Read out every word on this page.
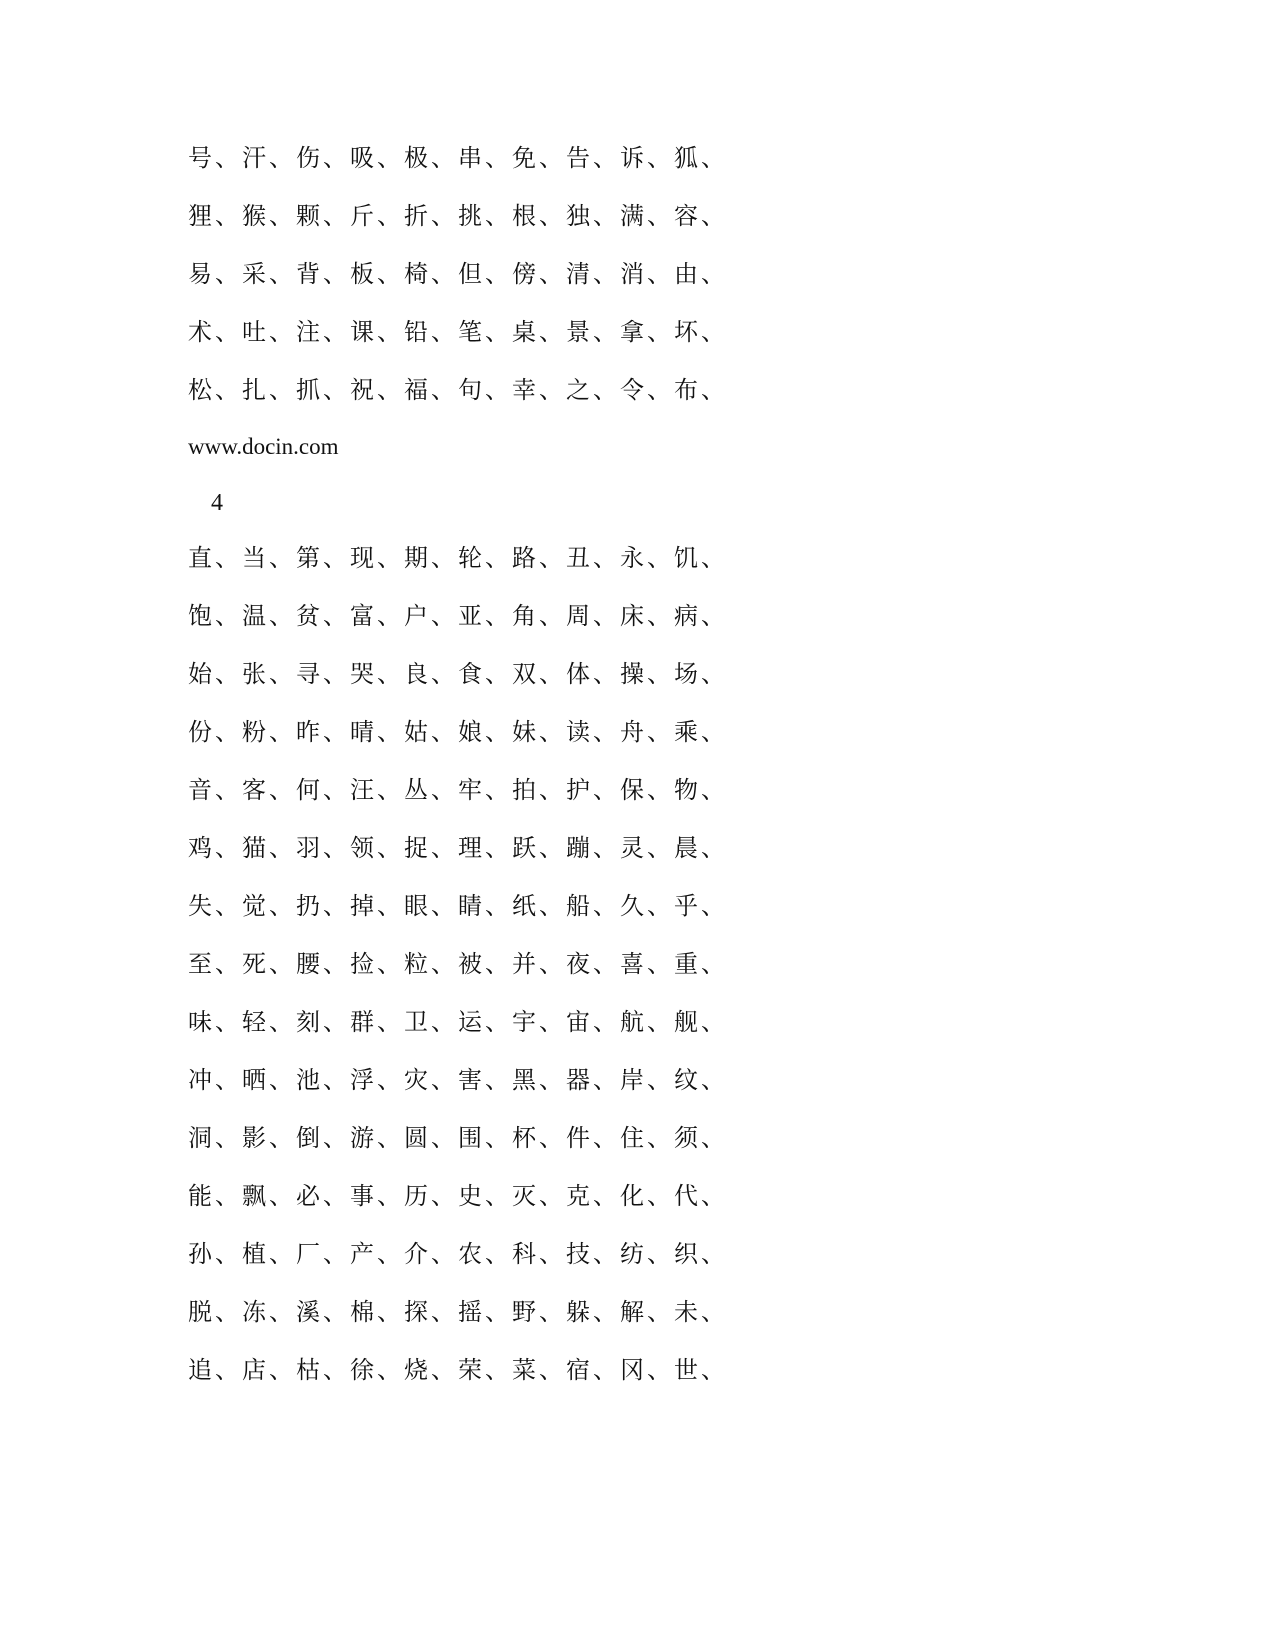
号、汗、伤、吸、极、串、免、告、诉、狐、
狸、猴、颗、斤、折、挑、根、独、满、容、
易、采、背、板、椅、但、傍、清、消、由、
术、吐、注、课、铅、笔、桌、景、拿、坏、
松、扎、抓、祝、福、句、幸、之、令、布、
www.docin.com
4
直、当、第、现、期、轮、路、丑、永、饥、
饱、温、贫、富、户、亚、角、周、床、病、
始、张、寻、哭、良、食、双、体、操、场、
份、粉、昨、晴、姑、娘、妹、读、舟、乘、
音、客、何、汪、丛、牢、拍、护、保、物、
鸡、猫、羽、领、捉、理、跃、蹦、灵、晨、
失、觉、扔、掉、眼、睛、纸、船、久、乎、
至、死、腰、捡、粒、被、并、夜、喜、重、
味、轻、刻、群、卫、运、宇、宙、航、舰、
冲、晒、池、浮、灾、害、黑、器、岸、纹、
洞、影、倒、游、圆、围、杯、件、住、须、
能、飘、必、事、历、史、灭、克、化、代、
孙、植、厂、产、介、农、科、技、纺、织、
脱、冻、溪、棉、探、摇、野、躲、解、未、
追、店、枯、徐、烧、荣、菜、宿、冈、世、
